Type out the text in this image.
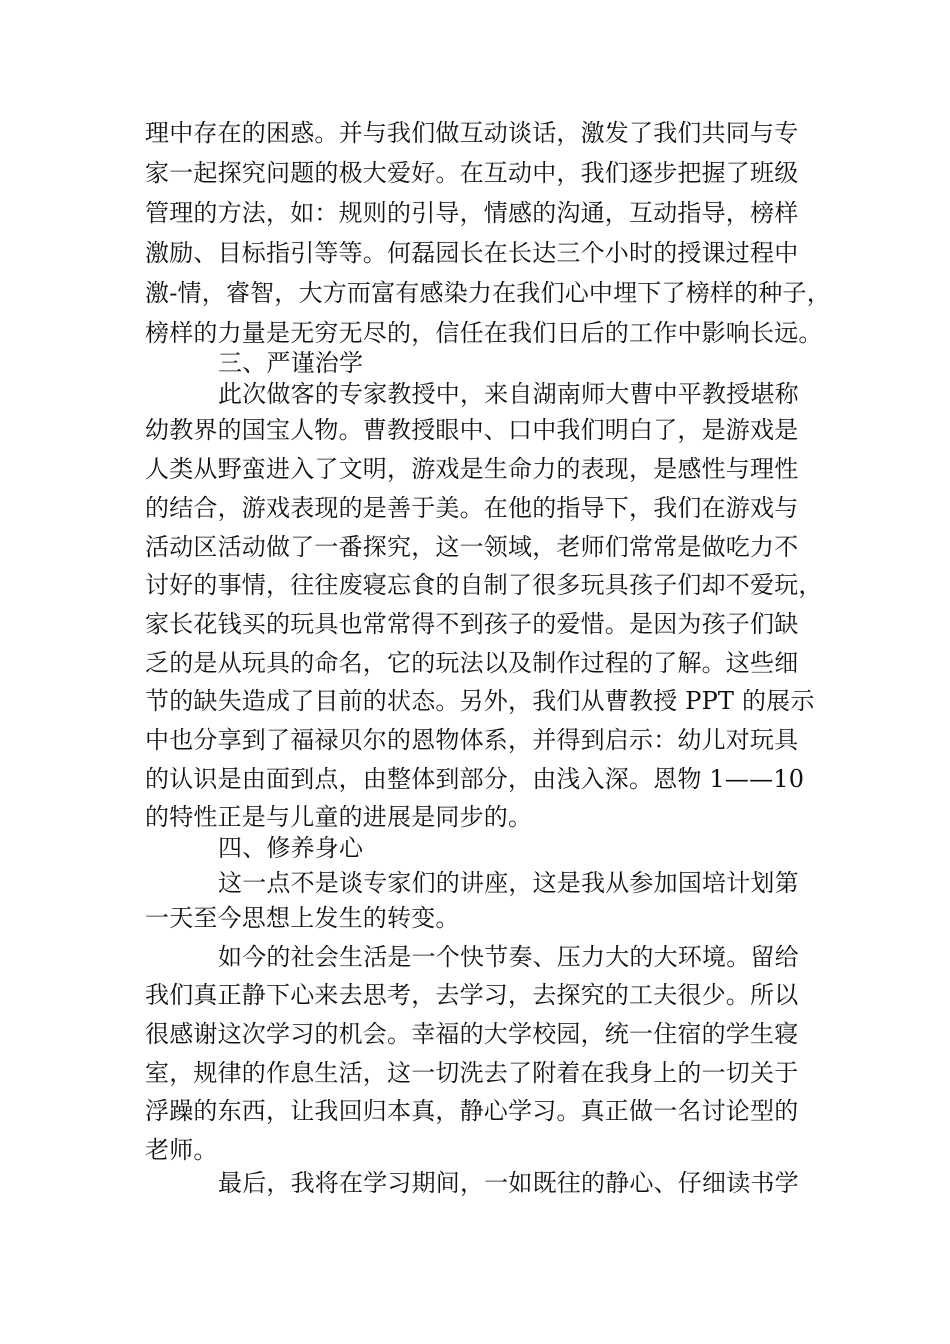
理中存在的困惑。并与我们做互动谈话，激发了我们共同与专
家一起探究问题的极大爱好。在互动中，我们逐步把握了班级
管理的方法，如：规则的引导，情感的沟通，互动指导，榜样
激励、目标指引等等。何磊园长在长达三个小时的授课过程中
激-情，睿智，大方而富有感染力在我们心中埋下了榜样的种子，
榜样的力量是无穷无尽的，信任在我们日后的工作中影响长远。
三、严谨治学
此次做客的专家教授中，来自湖南师大曹中平教授堪称
幼教界的国宝人物。曹教授眼中、口中我们明白了，是游戏是
人类从野蛮进入了文明，游戏是生命力的表现，是感性与理性
的结合，游戏表现的是善于美。在他的指导下，我们在游戏与
活动区活动做了一番探究，这一领域，老师们常常是做吃力不
讨好的事情，往往废寝忘食的自制了很多玩具孩子们却不爱玩，
家长花钱买的玩具也常常得不到孩子的爱惜。是因为孩子们缺
乏的是从玩具的命名，它的玩法以及制作过程的了解。这些细
节的缺失造成了目前的状态。另外，我们从曹教授 PPT 的展示
中也分享到了福禄贝尔的恩物体系，并得到启示：幼儿对玩具
的认识是由面到点，由整体到部分，由浅入深。恩物 1——10
的特性正是与儿童的进展是同步的。
四、修养身心
这一点不是谈专家们的讲座，这是我从参加国培计划第
一天至今思想上发生的转变。
如今的社会生活是一个快节奏、压力大的大环境。留给
我们真正静下心来去思考，去学习，去探究的工夫很少。所以
很感谢这次学习的机会。幸福的大学校园，统一住宿的学生寝
室，规律的作息生活，这一切洗去了附着在我身上的一切关于
浮躁的东西，让我回归本真，静心学习。真正做一名讨论型的
老师。
最后，我将在学习期间，一如既往的静心、仔细读书学
